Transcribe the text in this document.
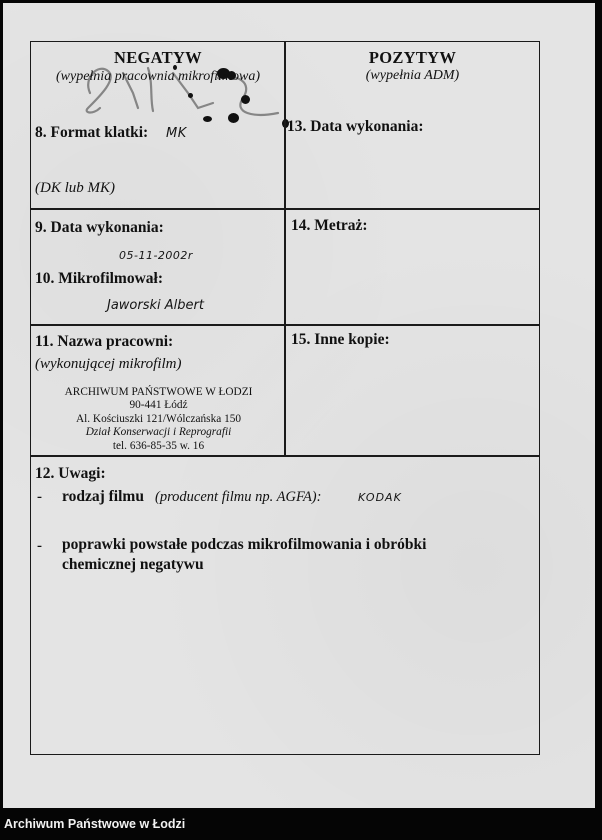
NEGATYW
(wypełnia pracownia mikrofilmowa)
8. Format klatki: MK
(DK lub MK)
POZYTYW
(wypełnia ADM)
13. Data wykonania:
9. Data wykonania:
05-11-2002r
10. Mikrofilmował:
Jaworski Albert
14. Metraż:
11. Nazwa pracowni:
(wykonującej mikrofilm)
ARCHIWUM PAŃSTWOWE W ŁODZI
90-441 Łódź
Al. Kościuszki 121/Wólczańska 150
Dział Konserwacji i Reprografii
tel. 636-85-35 w. 16
15. Inne kopie:
12. Uwagi:
- rodzaj filmu (producent filmu np. AGFA):	KODAK
- poprawki powstałe podczas mikrofilmowania i obróbki
chemicznej negatywu
Archiwum Państwowe w Łodzi
